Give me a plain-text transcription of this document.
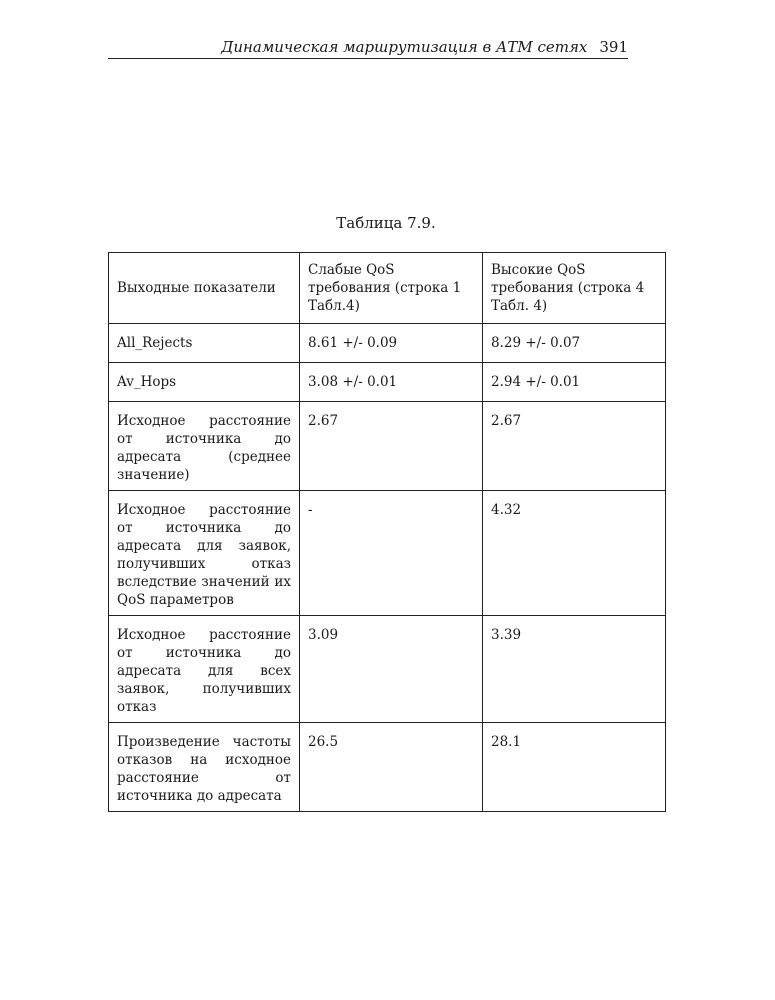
Динамическая маршрутизация в АТМ сетях 391
Таблица 7.9.
Выходные показатели	Слабые QoS требования (строка 1 Табл.4)	Высокие QoS требования (строка 4 Табл. 4)
All_Rejects	8.61 +/- 0.09	8.29 +/- 0.07
Av_Hops	3.08 +/- 0.01	2.94 +/- 0.01
Исходное расстояние от источника до адресата (среднее значение)	2.67	2.67
Исходное расстояние от источника до адресата для заявок, получивших отказ вследствие значений их QoS параметров	-	4.32
Исходное расстояние от источника до адресата для всех заявок, получивших отказ	3.09	3.39
Произведение частоты отказов на исходное расстояние от источника до адресата	26.5	28.1
